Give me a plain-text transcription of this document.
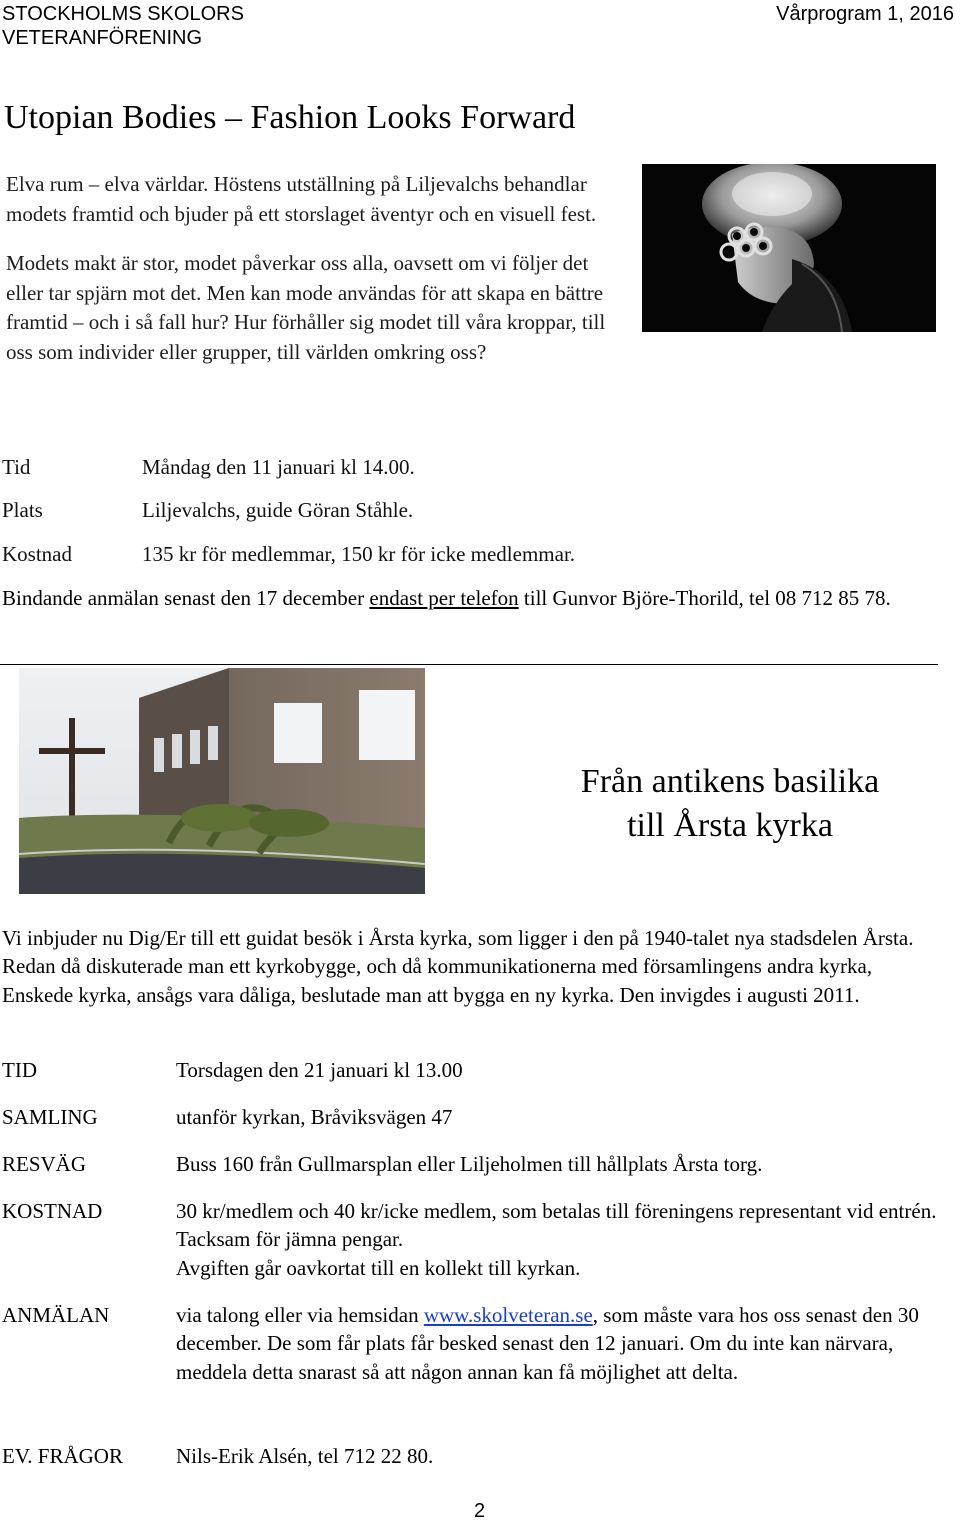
STOCKHOLMS SKOLORS
VETERANFÖRENING
Vårprogram 1, 2016
Utopian Bodies – Fashion Looks Forward

Elva rum – elva världar. Höstens utställning på Liljevalchs behandlar modets framtid och bjuder på ett storslaget äventyr och en visuell fest.

Modets makt är stor, modet påverkar oss alla, oavsett om vi följer det eller tar spjärn mot det. Men kan mode användas för att skapa en bättre framtid – och i så fall hur? Hur förhåller sig modet till våra kroppar, till oss som individer eller grupper, till världen omkring oss?

Tid	Måndag den 11 januari kl 14.00.
Plats	Liljevalchs, guide Göran Ståhle.
Kostnad	135 kr för medlemmar, 150 kr för icke medlemmar.
Bindande anmälan senast den 17 december endast per telefon till Gunvor Björe-Thorild, tel 08 712 85 78.
Från antikens basilika
till Årsta kyrka
Vi inbjuder nu Dig/Er till ett guidat besök i Årsta kyrka, som ligger i den på 1940-talet nya stadsdelen Årsta. Redan då diskuterade man ett kyrkobygge, och då kommunikationerna med församlingens andra kyrka, Enskede kyrka, ansågs vara dåliga, beslutade man att bygga en ny kyrka. Den invigdes i augusti 2011.
TID	Torsdagen den 21 januari kl 13.00
SAMLING	utanför kyrkan, Bråviksvägen 47
RESVÄG	Buss 160 från Gullmarsplan eller Liljeholmen till hållplats Årsta torg.
KOSTNAD	30 kr/medlem och 40 kr/icke medlem, som betalas till föreningens representant vid entrén. Tacksam för jämna pengar.

Avgiften går oavkortat till en kollekt till kyrkan.

ANMÄLAN	via talong eller via hemsidan www.skolveteran.se, som måste vara hos oss senast den 30 december. De som får plats får besked senast den 12 januari. Om du inte kan närvara, meddela detta snarast så att någon annan kan få möjlighet att delta.
EV. FRÅGOR	Nils-Erik Alsén, tel 712 22 80.
2
